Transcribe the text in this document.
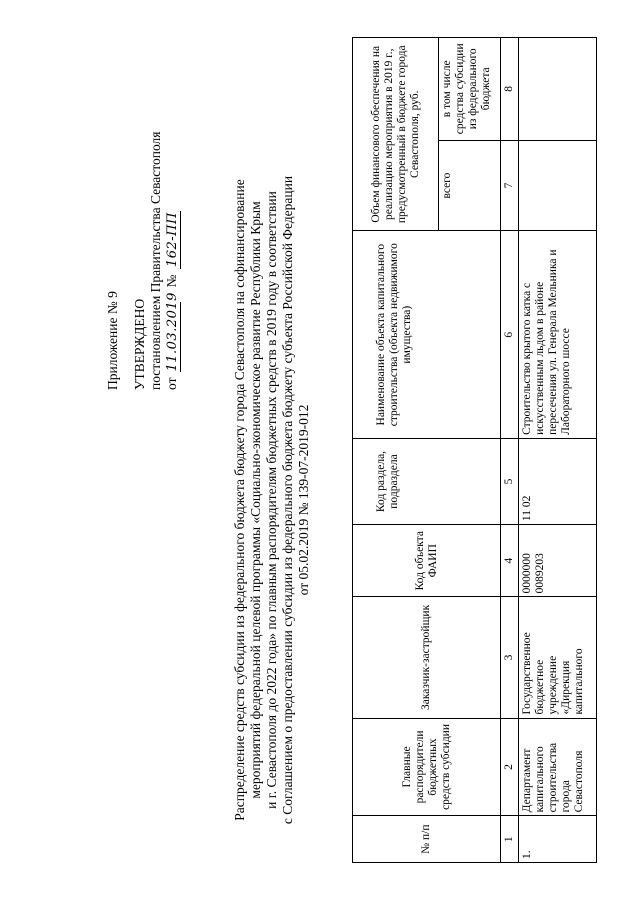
Приложение № 9 УТВЕРЖДЕНО постановлением Правительства Севастополя от11.03.2019№162-ПП	Распределение средств субсидии из федерального бюджета бюджету города Севастополя на софинансирование мероприятий федеральной целевой программы «Социально-экономическое развитие Республики Крым и г. Севастополя до 2022 года» по главным распорядителям бюджетных средств в 2019 году в соответствии с Соглашением о предоставлении субсидии из федерального бюджета бюджету субъекта Российской Федерации от 05.02.2019 № 139-07-2019-012
№ п/п	Главные распорядители бюджетных средств субсидии	Заказчик-застройщик	Код объекта ФАИП	Код раздела, подраздела	Наименование объекта капитального строительства (объекта недвижимого имущества)	Объем финансового обеспечения на реализацию мероприятия в 2019 г., предусмотренный в бюджете города Севастополя, руб.	
						всего	в том числе средства субсидии из федерального бюджета
1	2	3	4	5	6	7	8
1.	Департамент капитального строительства города Севастополя	Государственное бюджетное учреждение «Дирекция капитального	0000000 0089203	11 02	Строительство крытого катка с искусственным льдом в районе пересечения ул. Генерала Мельника и Лабораторного шоссе		
